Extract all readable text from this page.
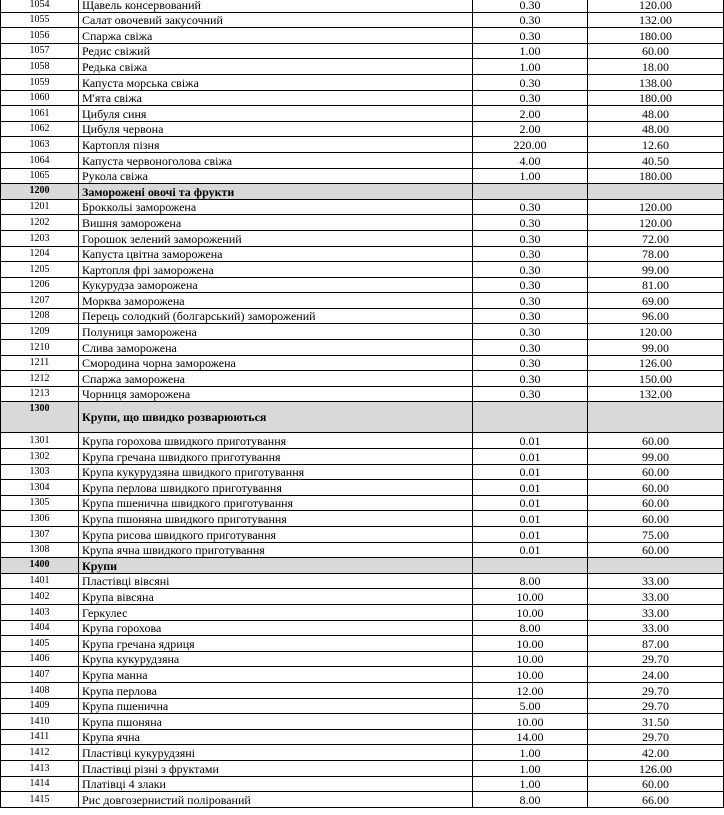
1054	Щавель консервований	0.30	120.00
1055	Салат овочевий закусочний	0.30	132.00
1056	Спаржа свіжа	0.30	180.00
1057	Редис свіжий	1.00	60.00
1058	Редька свіжа	1.00	18.00
1059	Капуста морська свіжа	0.30	138.00
1060	М'ята свіжа	0.30	180.00
1061	Цибуля синя	2.00	48.00
1062	Цибуля червона	2.00	48.00
1063	Картопля пізня	220.00	12.60
1064	Капуста червоноголова свіжа	4.00	40.50
1065	Рукола свіжа	1.00	180.00
1200	Заморожені овочі та фрукти		
1201	Броккольі заморожена	0.30	120.00
1202	Вишня заморожена	0.30	120.00
1203	Горошок зелений заморожений	0.30	72.00
1204	Капуста цвітна заморожена	0.30	78.00
1205	Картопля фрі заморожена	0.30	99.00
1206	Кукурудза заморожена	0.30	81.00
1207	Морква заморожена	0.30	69.00
1208	Перець солодкий (болгарський) заморожений	0.30	96.00
1209	Полуниця заморожена	0.30	120.00
1210	Слива заморожена	0.30	99.00
1211	Смородина чорна заморожена	0.30	126.00
1212	Спаржа заморожена	0.30	150.00
1213	Чорниця заморожена	0.30	132.00
1300	Крупи, що швидко розварюються		
1301	Крупа горохова швидкого приготування	0.01	60.00
1302	Крупа гречана швидкого приготування	0.01	99.00
1303	Крупа кукурудзяна швидкого приготування	0.01	60.00
1304	Крупа перлова швидкого приготування	0.01	60.00
1305	Крупа пшенична швидкого приготування	0.01	60.00
1306	Крупа пшоняна швидкого приготування	0.01	60.00
1307	Крупа рисова швидкого приготування	0.01	75.00
1308	Крупа ячна швидкого приготування	0.01	60.00
1400	Крупи		
1401	Пластівці вівсяні	8.00	33.00
1402	Крупа вівсяна	10.00	33.00
1403	Геркулес	10.00	33.00
1404	Крупа горохова	8.00	33.00
1405	Крупа гречана ядриця	10.00	87.00
1406	Крупа кукурудзяна	10.00	29.70
1407	Крупа манна	10.00	24.00
1408	Крупа перлова	12.00	29.70
1409	Крупа пшенична	5.00	29.70
1410	Крупа пшоняна	10.00	31.50
1411	Крупа ячна	14.00	29.70
1412	Пластівці кукурудзяні	1.00	42.00
1413	Пластівці різні з фруктами	1.00	126.00
1414	Платівці 4 злаки	1.00	60.00
1415	Рис довгозернистий полірований	8.00	66.00
